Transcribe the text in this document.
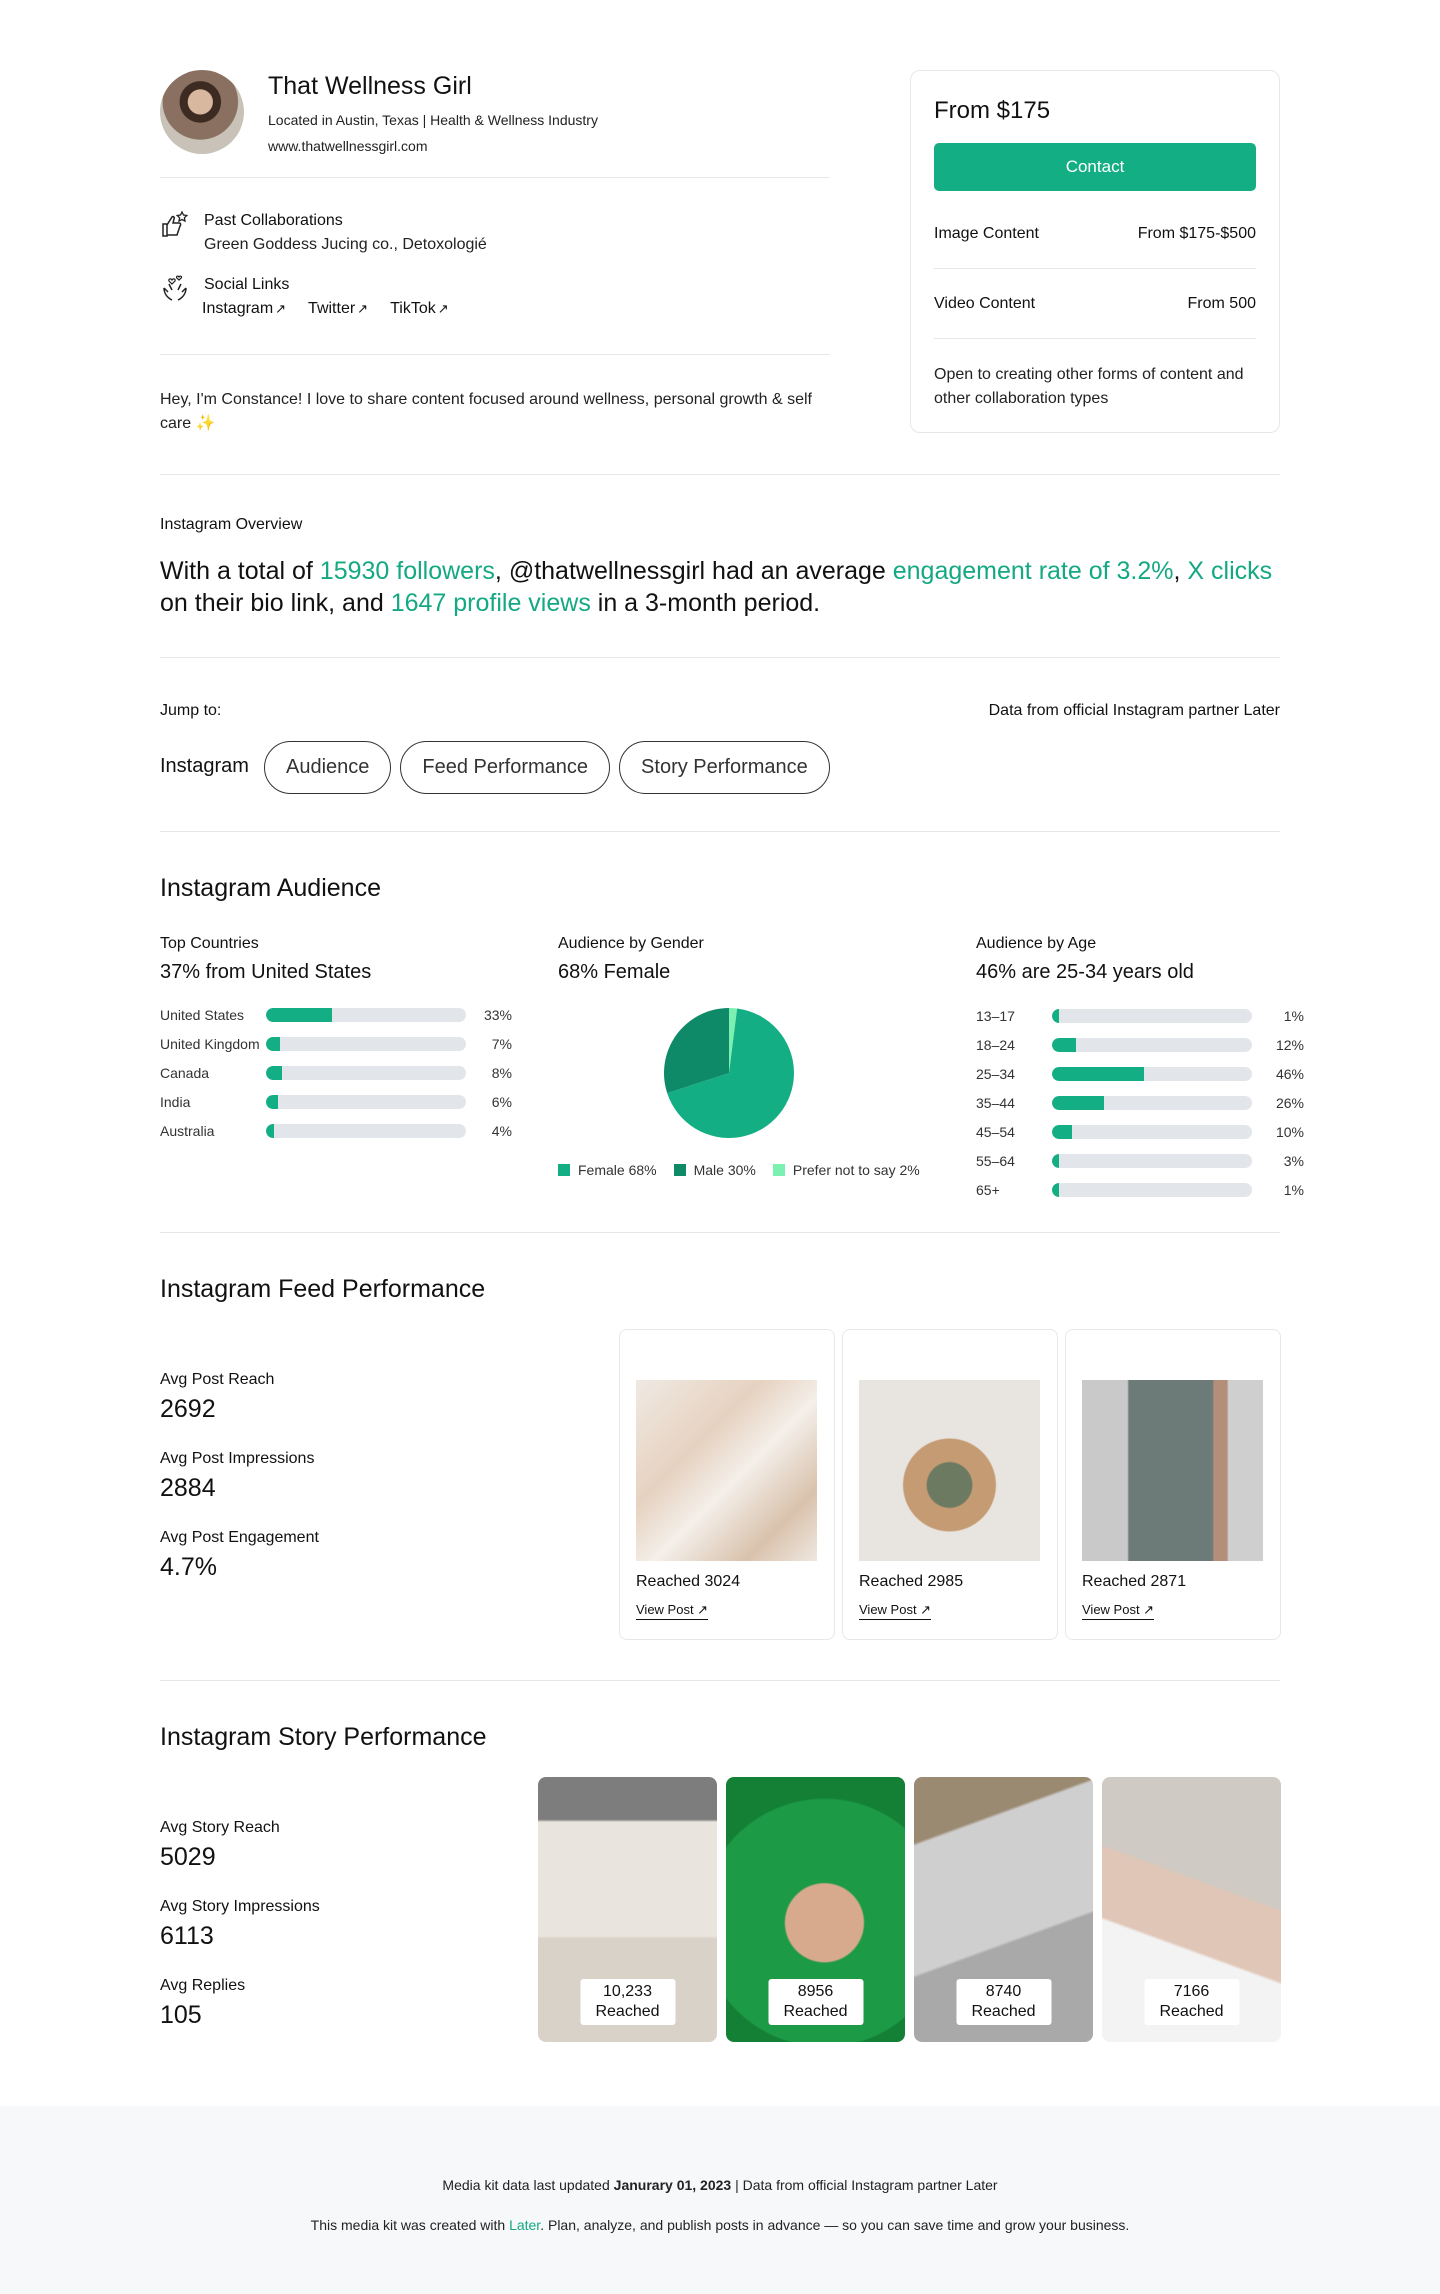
That Wellness Girl
Located in Austin, Texas | Health & Wellness Industry
www.thatwellnessgirl.com
Past Collaborations
Green Goddess Jucing co., Detoxologié
Social Links
Instagram ↗ Twitter ↗ TikTok ↗
Hey, I'm Constance! I love to share content focused around wellness, personal growth & self care ✨
From $175
Contact
Image Content	From $175-$500
Video Content	From 500
Open to creating other forms of content and other collaboration types
Instagram Overview
With a total of 15930 followers, @thatwellnessgirl had an average engagement rate of 3.2%, X clicks on their bio link, and 1647 profile views in a 3-month period.
Jump to:	Data from official Instagram partner Later
Instagram	Audience	Feed Performance	Story Performance
Instagram Audience
Top Countries
37% from United States
United States	33%
United Kingdom	7%
Canada	8%
India	6%
Australia	4%
Audience by Gender
68% Female
Female 68%	Male 30%	Prefer not to say 2%
Audience by Age
46% are 25-34 years old
13–17	1%
18–24	12%
25–34	46%
35–44	26%
45–54	10%
55–64	3%
65+	1%
Instagram Feed Performance
Avg Post Reach
2692
Avg Post Impressions
2884
Avg Post Engagement
4.7%
Reached 3024
View Post ↗
Reached 2985
View Post ↗
Reached 2871
View Post ↗
Instagram Story Performance
Avg Story Reach
5029
Avg Story Impressions
6113
Avg Replies
105
10,233
Reached
8956
Reached
8740
Reached
7166
Reached
Media kit data last updated Janurary 01, 2023 | Data from official Instagram partner Later
This media kit was created with Later. Plan, analyze, and publish posts in advance — so you can save time and grow your business.
